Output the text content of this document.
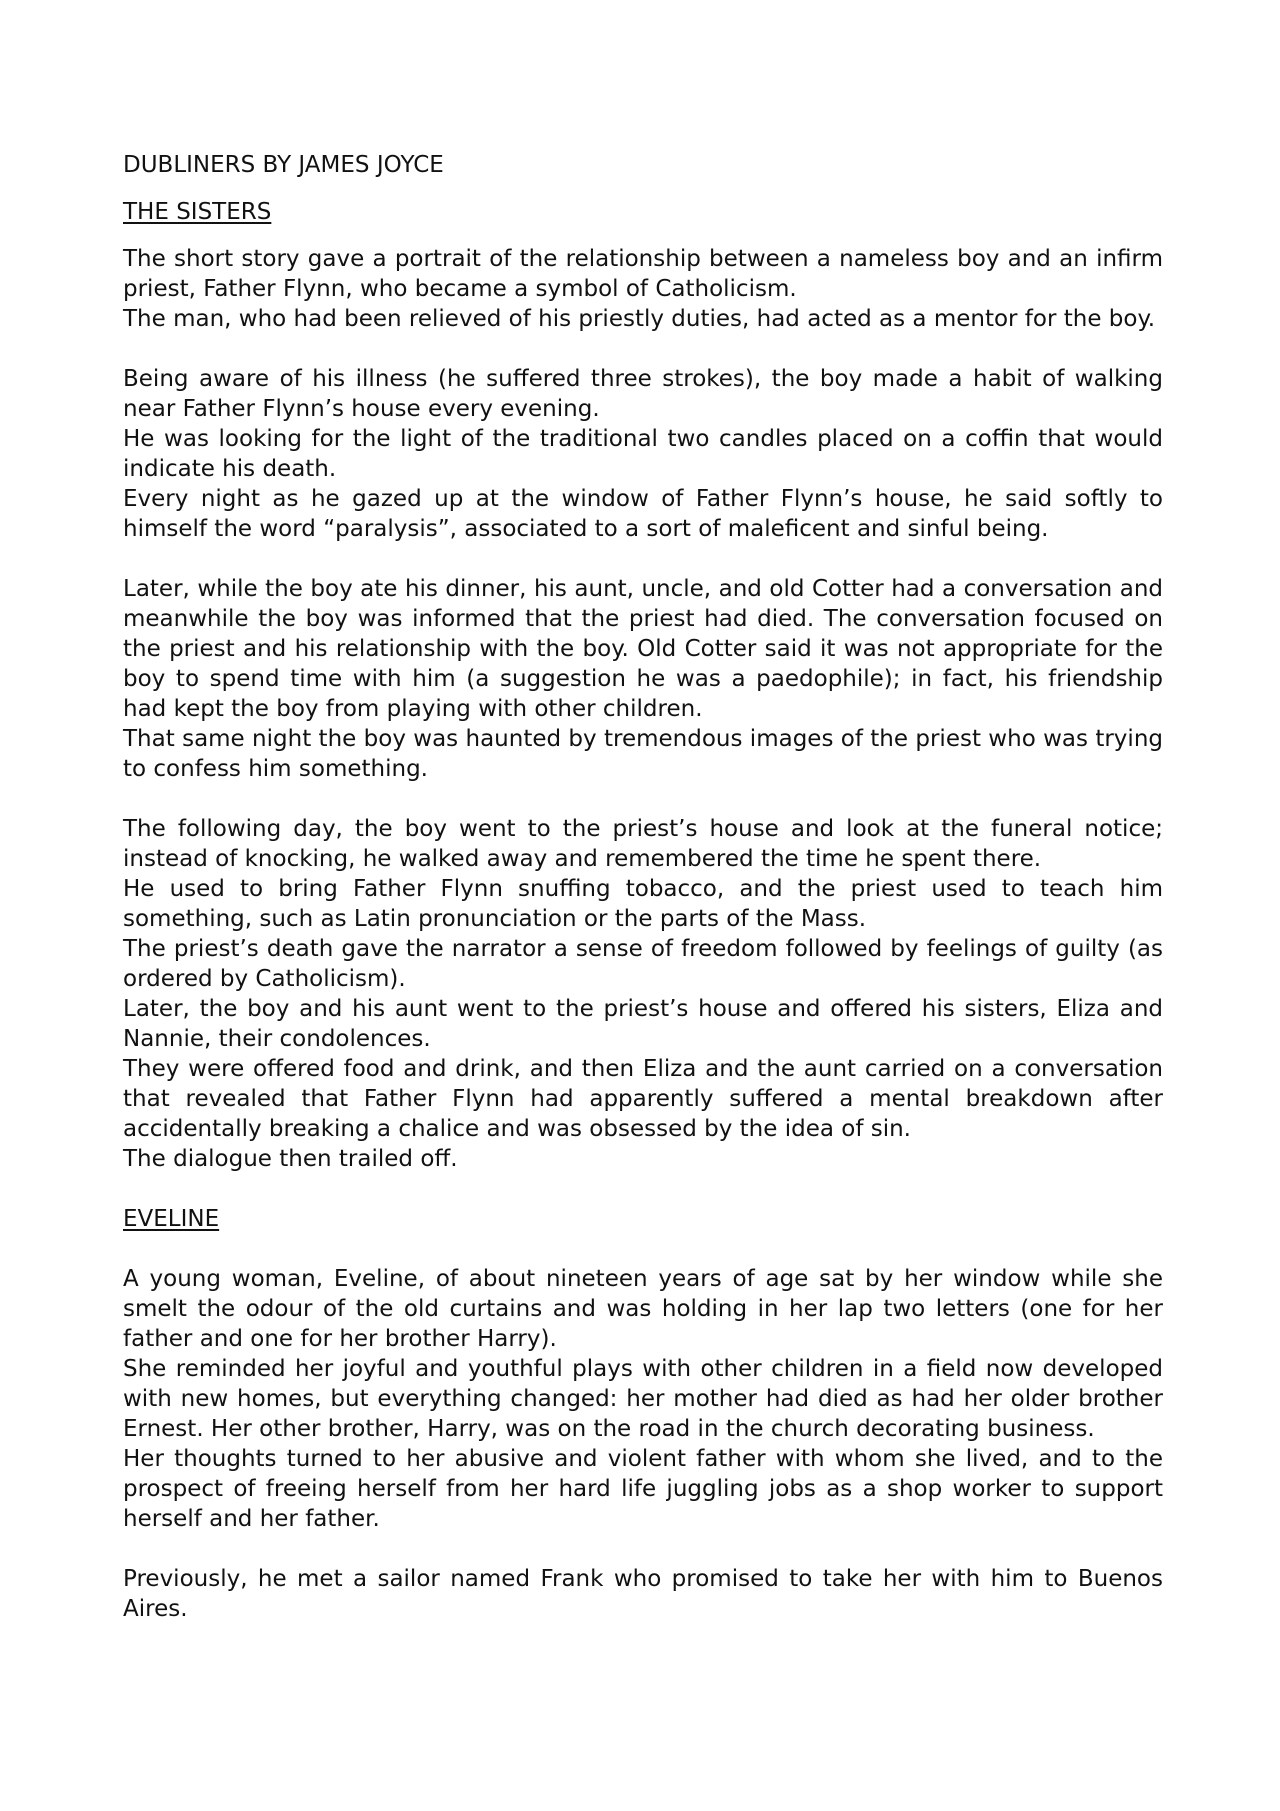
DUBLINERS BY JAMES JOYCE
THE SISTERS

The short story gave a portrait of the relationship between a nameless boy and an infirm priest, Father Flynn, who became a symbol of Catholicism.

The man, who had been relieved of his priestly duties, had acted as a mentor for the boy.

Being aware of his illness (he suffered three strokes), the boy made a habit of walking near Father Flynn’s house every evening.

He was looking for the light of the traditional two candles placed on a coffin that would indicate his death.

Every night as he gazed up at the window of Father Flynn’s house, he said softly to himself the word “paralysis”, associated to a sort of maleficent and sinful being.

Later, while the boy ate his dinner, his aunt, uncle, and old Cotter had a conversation and meanwhile the boy was informed that the priest had died. The conversation focused on the priest and his relationship with the boy. Old Cotter said it was not appropriate for the boy to spend time with him (a suggestion he was a paedophile); in fact, his friendship had kept the boy from playing with other children.

That same night the boy was haunted by tremendous images of the priest who was trying to confess him something.

The following day, the boy went to the priest’s house and look at the funeral notice; instead of knocking, he walked away and remembered the time he spent there.

He used to bring Father Flynn snuffing tobacco, and the priest used to teach him something, such as Latin pronunciation or the parts of the Mass.

The priest’s death gave the narrator a sense of freedom followed by feelings of guilty (as ordered by Catholicism).

Later, the boy and his aunt went to the priest’s house and offered his sisters, Eliza and Nannie, their condolences.

They were offered food and drink, and then Eliza and the aunt carried on a conversation that revealed that Father Flynn had apparently suffered a mental breakdown after accidentally breaking a chalice and was obsessed by the idea of sin.

The dialogue then trailed off.

EVELINE

A young woman, Eveline, of about nineteen years of age sat by her window while she smelt the odour of the old curtains and was holding in her lap two letters (one for her father and one for her brother Harry).

She reminded her joyful and youthful plays with other children in a field now developed with new homes, but everything changed: her mother had died as had her older brother Ernest. Her other brother, Harry, was on the road in the church decorating business.

Her thoughts turned to her abusive and violent father with whom she lived, and to the prospect of freeing herself from her hard life juggling jobs as a shop worker to support herself and her father.

Previously, he met a sailor named Frank who promised to take her with him to Buenos Aires.
